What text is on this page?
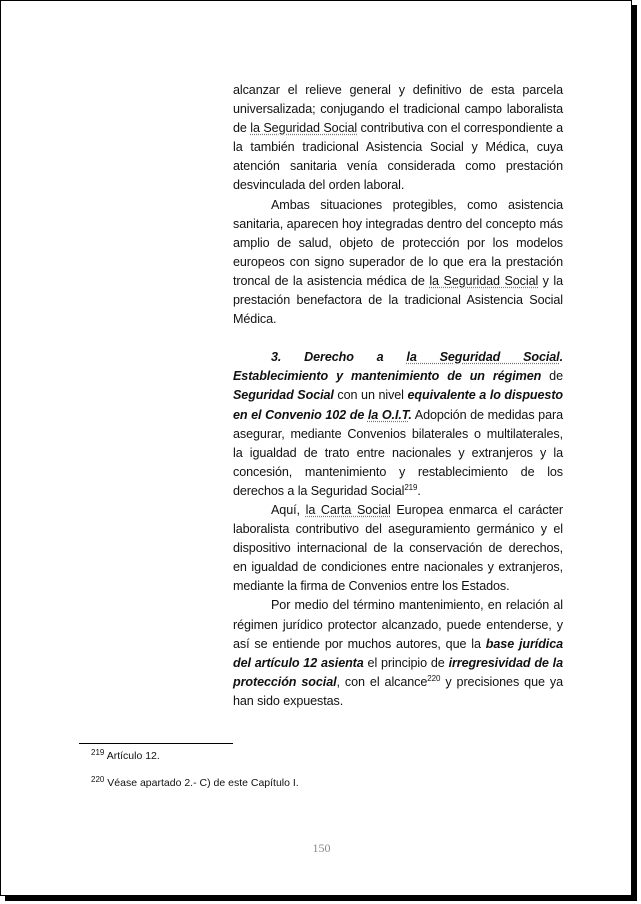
alcanzar el relieve general y definitivo de esta parcela universalizada; conjugando el tradicional campo laboralista de la Seguridad Social contributiva con el correspondiente a la también tradicional Asistencia Social y Médica, cuya atención sanitaria venía considerada como prestación desvinculada del orden laboral.

Ambas situaciones protegibles, como asistencia sanitaria, aparecen hoy integradas dentro del concepto más amplio de salud, objeto de protección por los modelos europeos con signo superador de lo que era la prestación troncal de la asistencia médica de la Seguridad Social y la prestación benefactora de la tradicional Asistencia Social Médica.

3. Derecho a la Seguridad Social. Establecimiento y mantenimiento de un régimen de Seguridad Social con un nivel equivalente a lo dispuesto en el Convenio 102 de la O.I.T. Adopción de medidas para asegurar, mediante Convenios bilaterales o multilaterales, la igualdad de trato entre nacionales y extranjeros y la concesión, mantenimiento y restablecimiento de los derechos a la Seguridad Social$^{219}$.

Aquí, la Carta Social Europea enmarca el carácter laboralista contributivo del aseguramiento germánico y el dispositivo internacional de la conservación de derechos, en igualdad de condiciones entre nacionales y extranjeros, mediante la firma de Convenios entre los Estados.

Por medio del término mantenimiento, en relación al régimen jurídico protector alcanzado, puede entenderse, y así se entiende por muchos autores, que la base jurídica del artículo 12 asienta el principio de irregresividad de la protección social, con el alcance$^{220}$ y precisiones que ya han sido expuestas.

$^{219}$ Artículo 12.
$^{220}$ Véase apartado 2.- C) de este Capítulo I.
150
